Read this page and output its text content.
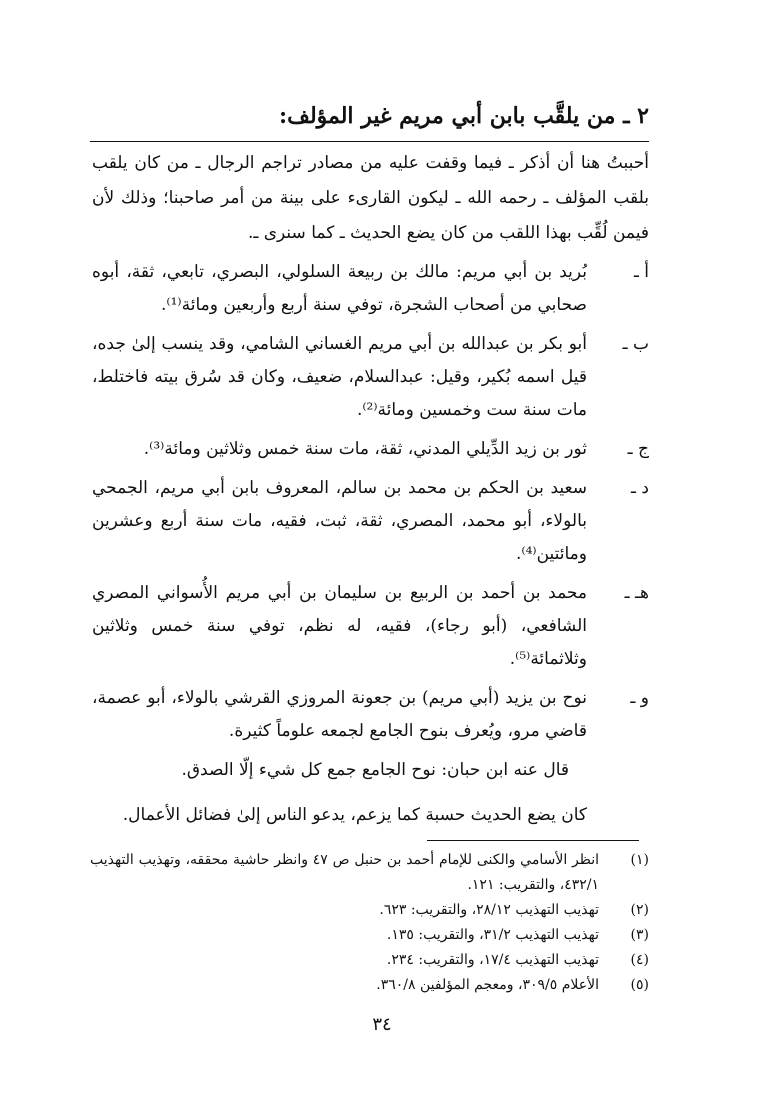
٢ ـ من يلقَّب بابن أبي مريم غير المؤلف:
أحببتُ هنا أن أذكر ـ فيما وقفت عليه من مصادر تراجم الرجال ـ من كان يلقب بلقب المؤلف ـ رحمه الله ـ ليكون القارىء على بينة من أمر صاحبنا؛ وذلك لأن فيمن لُقِّب بهذا اللقب من كان يضع الحديث ـ كما سنرى ـ.
أ ـ
بُريد بن أبي مريم: مالك بن ربيعة السلولي، البصري، تابعي، ثقة، أبوه صحابي من أصحاب الشجرة، توفي سنة أربع وأربعين ومائة⁽¹⁾.
ب ـ
أبو بكر بن عبدالله بن أبي مريم الغساني الشامي، وقد ينسب إلىٰ جده، قيل اسمه بُكير، وقيل: عبدالسلام، ضعيف، وكان قد سُرق بيته فاختلط، مات سنة ست وخمسين ومائة⁽²⁾.
ج ـ
ثور بن زيد الدِّيلي المدني، ثقة، مات سنة خمس وثلاثين ومائة⁽³⁾.
د ـ
سعيد بن الحكم بن محمد بن سالم، المعروف بابن أبي مريم، الجمحي بالولاء، أبو محمد، المصري، ثقة، ثبت، فقيه، مات سنة أربع وعشرين ومائتين⁽⁴⁾.
هـ ـ
محمد بن أحمد بن الربيع بن سليمان بن أبي مريم الأُسواني المصري الشافعي، (أبو رجاء)، فقيه، له نظم، توفي سنة خمس وثلاثين وثلاثمائة⁽⁵⁾.
و ـ
نوح بن يزيد (أبي مريم) بن جعونة المروزي القرشي بالولاء، أبو عصمة، قاضي مرو، ويُعرف بنوح الجامع لجمعه علوماً كثيرة.
قال عنه ابن حبان: نوح الجامع جمع كل شيء إلّا الصدق.
كان يضع الحديث حسبة كما يزعم، يدعو الناس إلىٰ فضائل الأعمال.
(١)
انظر الأسامي والكنى للإمام أحمد بن حنبل ص ٤٧ وانظر حاشية محققه، وتهذيب التهذيب ٤٣٢/١، والتقريب: ١٢١.
(٢)
تهذيب التهذيب ٢٨/١٢، والتقريب: ٦٢٣.
(٣)
تهذيب التهذيب ٣١/٢، والتقريب: ١٣٥.
(٤)
تهذيب التهذيب ١٧/٤، والتقريب: ٢٣٤.
(٥)
الأعلام ٣٠٩/٥، ومعجم المؤلفين ٣٦٠/٨.
٣٤
